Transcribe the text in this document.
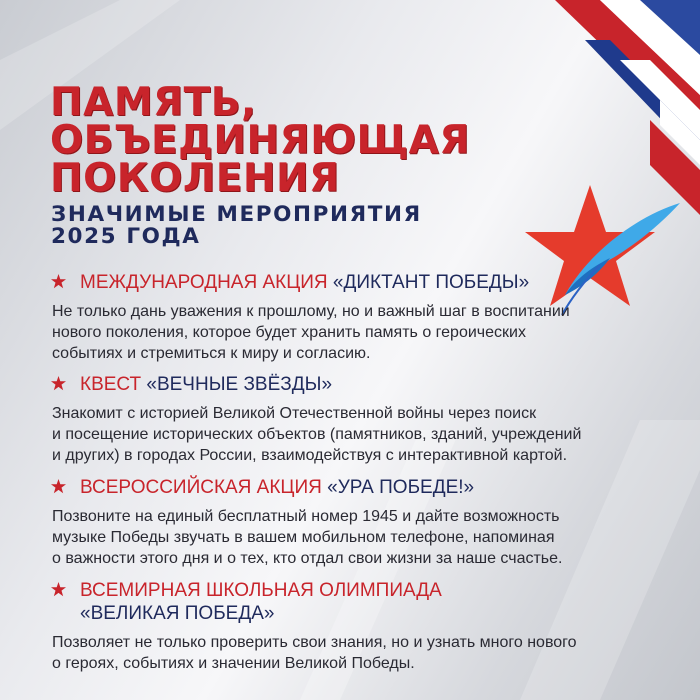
ПАМЯТЬ,
ОБЪЕДИНЯЮЩАЯ
ПОКОЛЕНИЯ
ЗНАЧИМЫЕ МЕРОПРИЯТИЯ
2025 ГОДА
МЕЖДУНАРОДНАЯ АКЦИЯ «ДИКТАНТ ПОБЕДЫ»
Не только дань уважения к прошлому, но и важный шаг в воспитании
нового поколения, которое будет хранить память о героических
событиях и стремиться к миру и согласию.
КВЕСТ «ВЕЧНЫЕ ЗВЁЗДЫ»
Знакомит с историей Великой Отечественной войны через поиск
и посещение исторических объектов (памятников, зданий, учреждений
и других) в городах России, взаимодействуя с интерактивной картой.
ВСЕРОССИЙСКАЯ АКЦИЯ «УРА ПОБЕДЕ!»
Позвоните на единый бесплатный номер 1945 и дайте возможность
музыке Победы звучать в вашем мобильном телефоне, напоминая
о важности этого дня и о тех, кто отдал свои жизни за наше счастье.
ВСЕМИРНАЯ ШКОЛЬНАЯ ОЛИМПИАДА
«ВЕЛИКАЯ ПОБЕДА»
Позволяет не только проверить свои знания, но и узнать много нового
о героях, событиях и значении Великой Победы.
